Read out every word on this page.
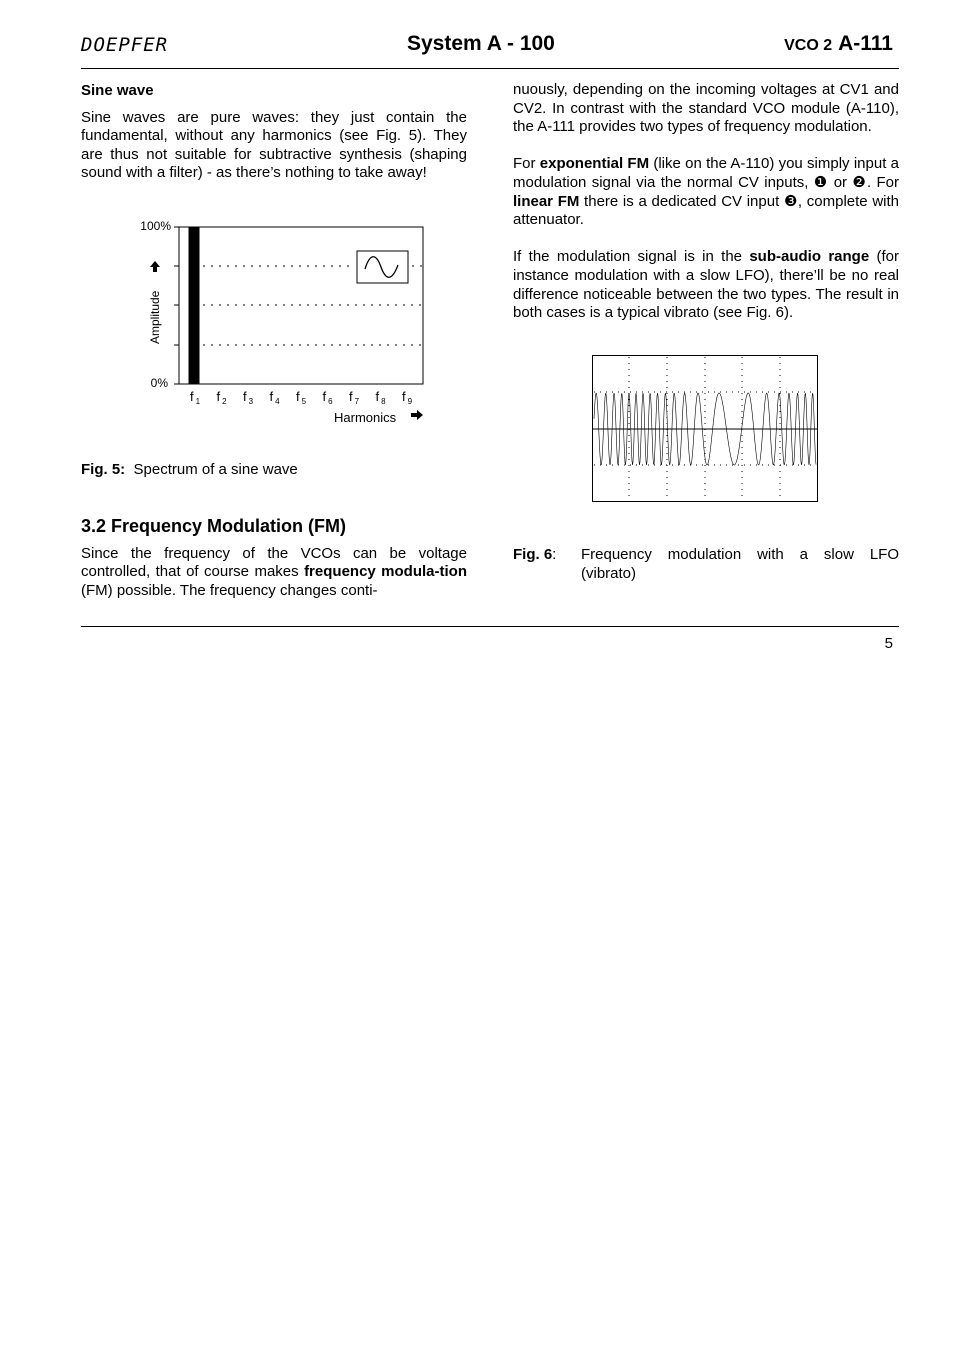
DOEPFER	System A - 100	VCO 2 A-111

Sine wave

Sine waves are pure waves: they just contain the fundamental, without any harmonics (see Fig. 5). They are thus not suitable for subtractive synthesis (shaping sound with a filter) - as there’s nothing to take away!

100%
0%
Amplitude
f $_1$ f $_2$ f $_3$ f $_4$ f $_5$ f $_6$ f $_7$ f $_8$ f $_9$
Harmonics
Fig. 5: Spectrum of a sine wave

3.2 Frequency Modulation (FM)

Since the frequency of the VCOs can be voltage controlled, that of course makes frequency modula-tion (FM) possible. The frequency changes conti-

nuously, depending on the incoming voltages at CV1 and CV2. In contrast with the standard VCO module (A-110), the A-111 provides two types of frequency modulation.

For exponential FM (like on the A-110) you simply input a modulation signal via the normal CV inputs, ❶ or ❷. For linear FM there is a dedicated CV input ❸, complete with attenuator.

If the modulation signal is in the sub-audio range (for instance modulation with a slow LFO), there’ll be no real difference noticeable between the two types. The result in both cases is a typical vibrato (see Fig. 6).

Fig. 6:	Frequency modulation with a slow LFO (vibrato)

5
